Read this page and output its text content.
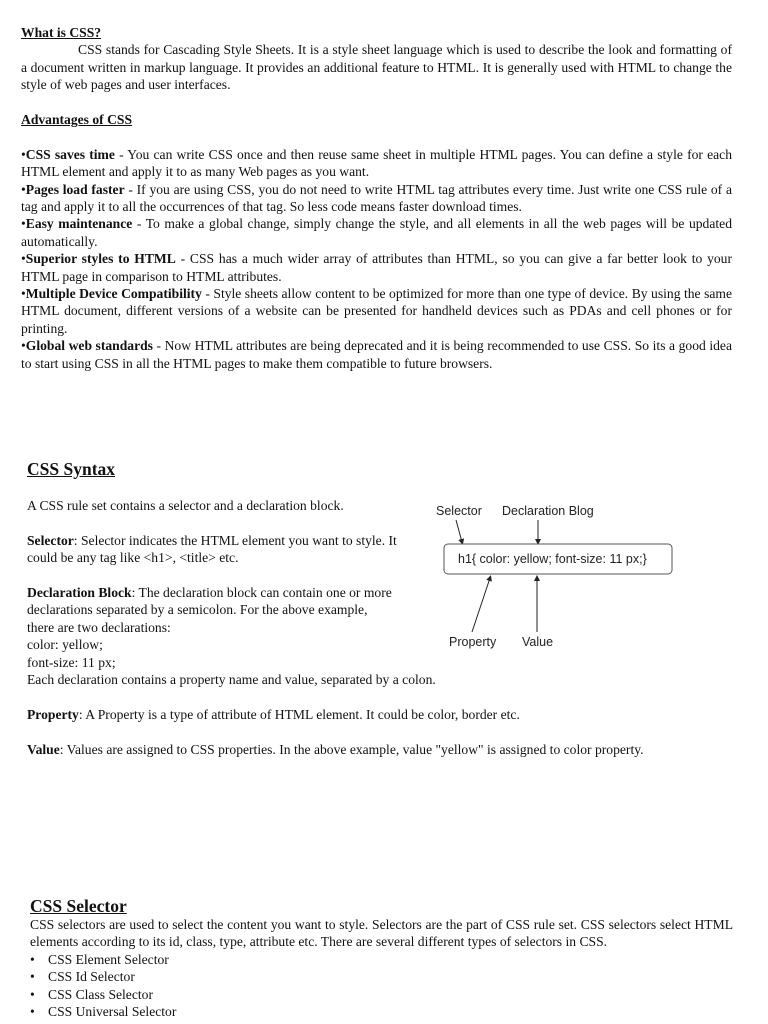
What is CSS?

CSS stands for Cascading Style Sheets. It is a style sheet language which is used to describe the look and formatting of a document written in markup language. It provides an additional feature to HTML. It is generally used with HTML to change the style of web pages and user interfaces.

Advantages of CSS

•CSS saves time - You can write CSS once and then reuse same sheet in multiple HTML pages. You can define a style for each HTML element and apply it to as many Web pages as you want.

•Pages load faster - If you are using CSS, you do not need to write HTML tag attributes every time. Just write one CSS rule of a tag and apply it to all the occurrences of that tag. So less code means faster download times.

•Easy maintenance - To make a global change, simply change the style, and all elements in all the web pages will be updated automatically.

•Superior styles to HTML - CSS has a much wider array of attributes than HTML, so you can give a far better look to your HTML page in comparison to HTML attributes.

•Multiple Device Compatibility - Style sheets allow content to be optimized for more than one type of device. By using the same HTML document, different versions of a website can be presented for handheld devices such as PDAs and cell phones or for printing.

•Global web standards - Now HTML attributes are being deprecated and it is being recommended to use CSS. So its a good idea to start using CSS in all the HTML pages to make them compatible to future browsers.

CSS Syntax

A CSS rule set contains a selector and a declaration block.

Selector: Selector indicates the HTML element you want to style. It

could be any tag like <h1>, <title> etc.

Declaration Block: The declaration block can contain one or more

declarations separated by a semicolon. For the above example,

there are two declarations:

color: yellow;

font-size: 11 px;

Each declaration contains a property name and value, separated by a colon.

Property: A Property is a type of attribute of HTML element. It could be color, border etc.

Value: Values are assigned to CSS properties. In the above example, value "yellow" is assigned to color property.

Selector Declaration Blog
h1{ color: yellow; font-size: 11 px;}
Property Value
CSS Selector

CSS selectors are used to select the content you want to style. Selectors are the part of CSS rule set. CSS selectors select HTML elements according to its id, class, type, attribute etc. There are several different types of selectors in CSS.

• CSS Element Selector
• CSS Id Selector
• CSS Class Selector
• CSS Universal Selector
